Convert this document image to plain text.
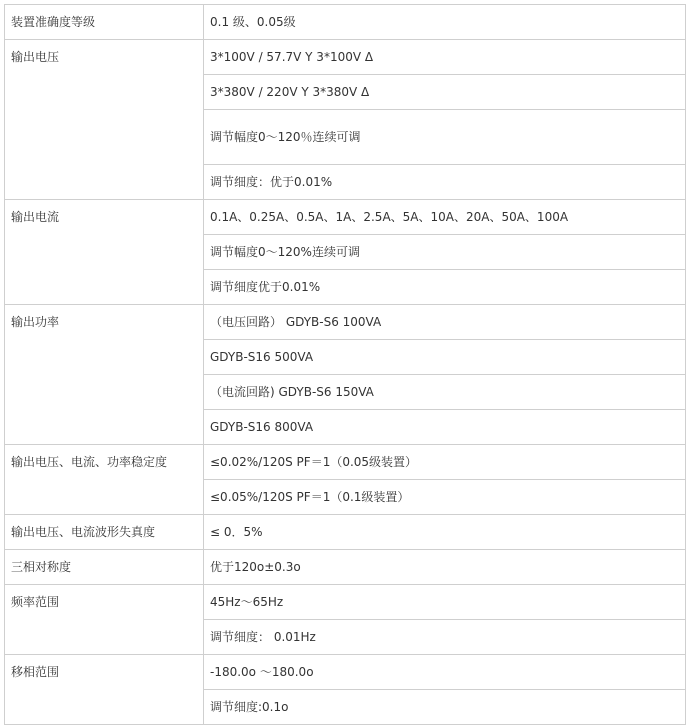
装置准确度等级	0.1 级、0.05级
输出电压	3*100V / 57.7V Y 3*100V Δ
	3*380V / 220V Y 3*380V Δ
	调节幅度0～120％连续可调
	调节细度：优于0.01%
输出电流	0.1A、0.25A、0.5A、1A、2.5A、5A、10A、20A、50A、100A
	调节幅度0～120%连续可调
	调节细度优于0.01%
输出功率	（电压回路） GDYB-S6 100VA
	GDYB-S16 500VA
	（电流回路) GDYB-S6 150VA
	GDYB-S16 800VA
输出电压、电流、功率稳定度	≤0.02%/120S PF＝1（0.05级装置）
	≤0.05%/120S PF＝1（0.1级装置）
输出电压、电流波形失真度	≤ 0．5%
三相对称度	优于120o±0.3o
频率范围	45Hz～65Hz
	调节细度： 0.01Hz
移相范围	-180.0o ～180.0o
	调节细度:0.1o
